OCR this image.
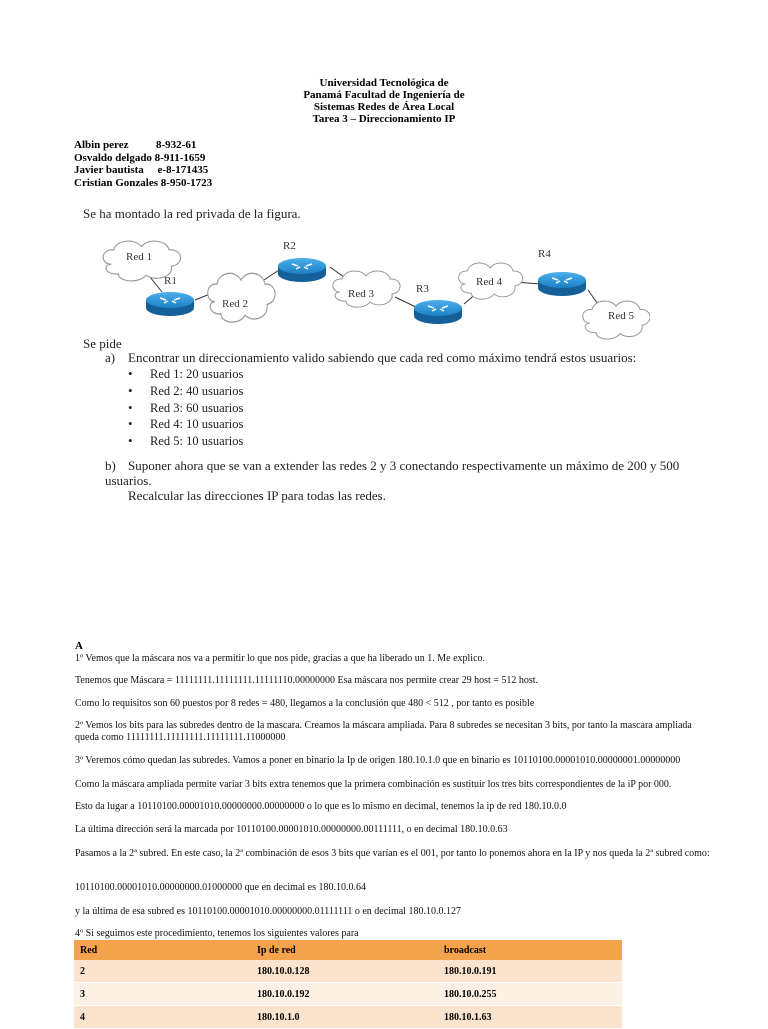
Universidad Tecnológica de
Panamá Facultad de Ingeniería de
Sistemas Redes de Área Local
Tarea 3 – Direccionamiento IP
Albin perez          8-932-61
Osvaldo delgado 8-911-1659
Javier bautista     e-8-171435
Cristian Gonzales 8-950-1723
Se ha montado la red privada de la figura.
Red 1
Red 2
Red 3
Red 4
Red 5
R1
R2
R3
R4
Se pide
a) Encontrar un direccionamiento valido sabiendo que cada red como máximo tendrá estos usuarios:
• Red 1: 20 usuarios
• Red 2: 40 usuarios
• Red 3: 60 usuarios
• Red 4: 10 usuarios
• Red 5: 10 usuarios
b) Suponer ahora que se van a extender las redes 2 y 3 conectando respectivamente un máximo de 200 y 500 usuarios.
Recalcular las direcciones IP para todas las redes.
A
1º Vemos que la máscara nos va a permitir lo que nos pide, gracias a que ha liberado un 1. Me explico.
Tenemos que Máscara = 11111111.11111111.11111110.00000000 Esa máscara nos permite crear 29 host = 512 host.
Como lo requisitos son 60 puestos por 8 redes = 480, llegamos a la conclusión que 480 < 512 , por tanto es posible
2º Vemos los bits para las subredes dentro de la mascara. Creamos la máscara ampliada. Para 8 subredes se necesitan 3 bits, por tanto la mascara ampliada queda como 11111111.11111111.11111111.11000000
3º Veremos cómo quedan las subredes. Vamos a poner en binario la Ip de origen 180.10.1.0 que en binario es 10110100.00001010.00000001.00000000
Como la máscara ampliada permite variar 3 bits extra tenemos que la primera combinación es sustituir los tres bits correspondientes de la iP por 000.
Esto da lugar a 10110100.00001010.00000000.00000000 o lo que es lo mismo en decimal, tenemos la ip de red 180.10.0.0
La última dirección será la marcada por 10110100.00001010.00000000.00111111, o en decimal 180.10.0.63
Pasamos a la 2ª subred. En este caso, la 2ª combinación de esos 3 bits que varían es el 001, por tanto lo ponemos ahora en la IP y nos queda la 2ª subred como:
10110100.00001010.00000000.01000000 que en decimal es 180.10.0.64
y la última de esa subred es 10110100.00001010.00000000.01111111 o en decimal 180.10.0.127
4º Si seguimos este procedimiento, tenemos los siguientes valores para
Red	Ip de red	broadcast
2	180.10.0.128	180.10.0.191
3	180.10.0.192	180.10.0.255
4	180.10.1.0	180.10.1.63
